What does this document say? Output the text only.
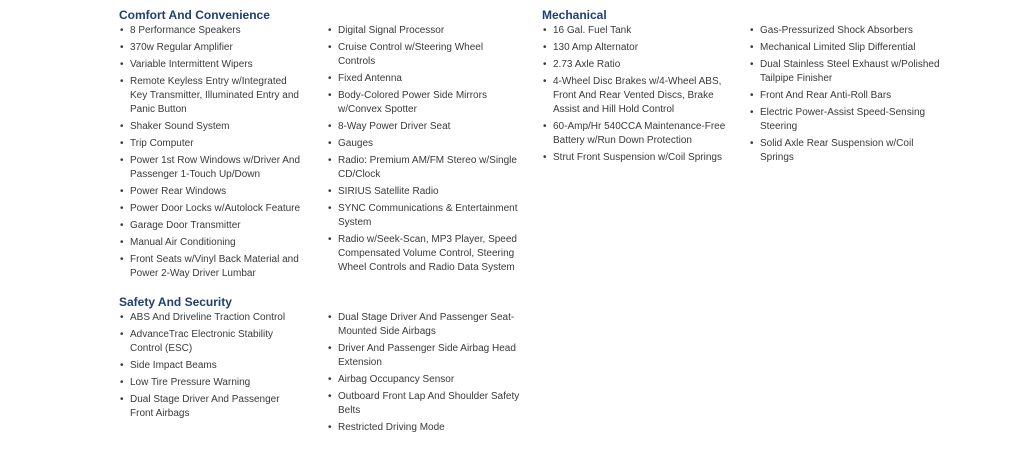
Comfort And Convenience
• 8 Performance Speakers
• 370w Regular Amplifier
• Variable Intermittent Wipers
• Remote Keyless Entry w/Integrated Key Transmitter, Illuminated Entry and Panic Button
• Shaker Sound System
• Trip Computer
• Power 1st Row Windows w/Driver And Passenger 1-Touch Up/Down
• Power Rear Windows
• Power Door Locks w/Autolock Feature
• Garage Door Transmitter
• Manual Air Conditioning
• Front Seats w/Vinyl Back Material and Power 2-Way Driver Lumbar
• Digital Signal Processor
• Cruise Control w/Steering Wheel Controls
• Fixed Antenna
• Body-Colored Power Side Mirrors w/Convex Spotter
• 8-Way Power Driver Seat
• Gauges
• Radio: Premium AM/FM Stereo w/Single CD/Clock
• SIRIUS Satellite Radio
• SYNC Communications & Entertainment System
• Radio w/Seek-Scan, MP3 Player, Speed Compensated Volume Control, Steering Wheel Controls and Radio Data System
Safety And Security
• ABS And Driveline Traction Control
• AdvanceTrac Electronic Stability Control (ESC)
• Side Impact Beams
• Low Tire Pressure Warning
• Dual Stage Driver And Passenger Front Airbags
• Dual Stage Driver And Passenger Seat-Mounted Side Airbags
• Driver And Passenger Side Airbag Head Extension
• Airbag Occupancy Sensor
• Outboard Front Lap And Shoulder Safety Belts
• Restricted Driving Mode
Mechanical
• 16 Gal. Fuel Tank
• 130 Amp Alternator
• 2.73 Axle Ratio
• 4-Wheel Disc Brakes w/4-Wheel ABS, Front And Rear Vented Discs, Brake Assist and Hill Hold Control
• 60-Amp/Hr 540CCA Maintenance-Free Battery w/Run Down Protection
• Strut Front Suspension w/Coil Springs
• Gas-Pressurized Shock Absorbers
• Mechanical Limited Slip Differential
• Dual Stainless Steel Exhaust w/Polished Tailpipe Finisher
• Front And Rear Anti-Roll Bars
• Electric Power-Assist Speed-Sensing Steering
• Solid Axle Rear Suspension w/Coil Springs
